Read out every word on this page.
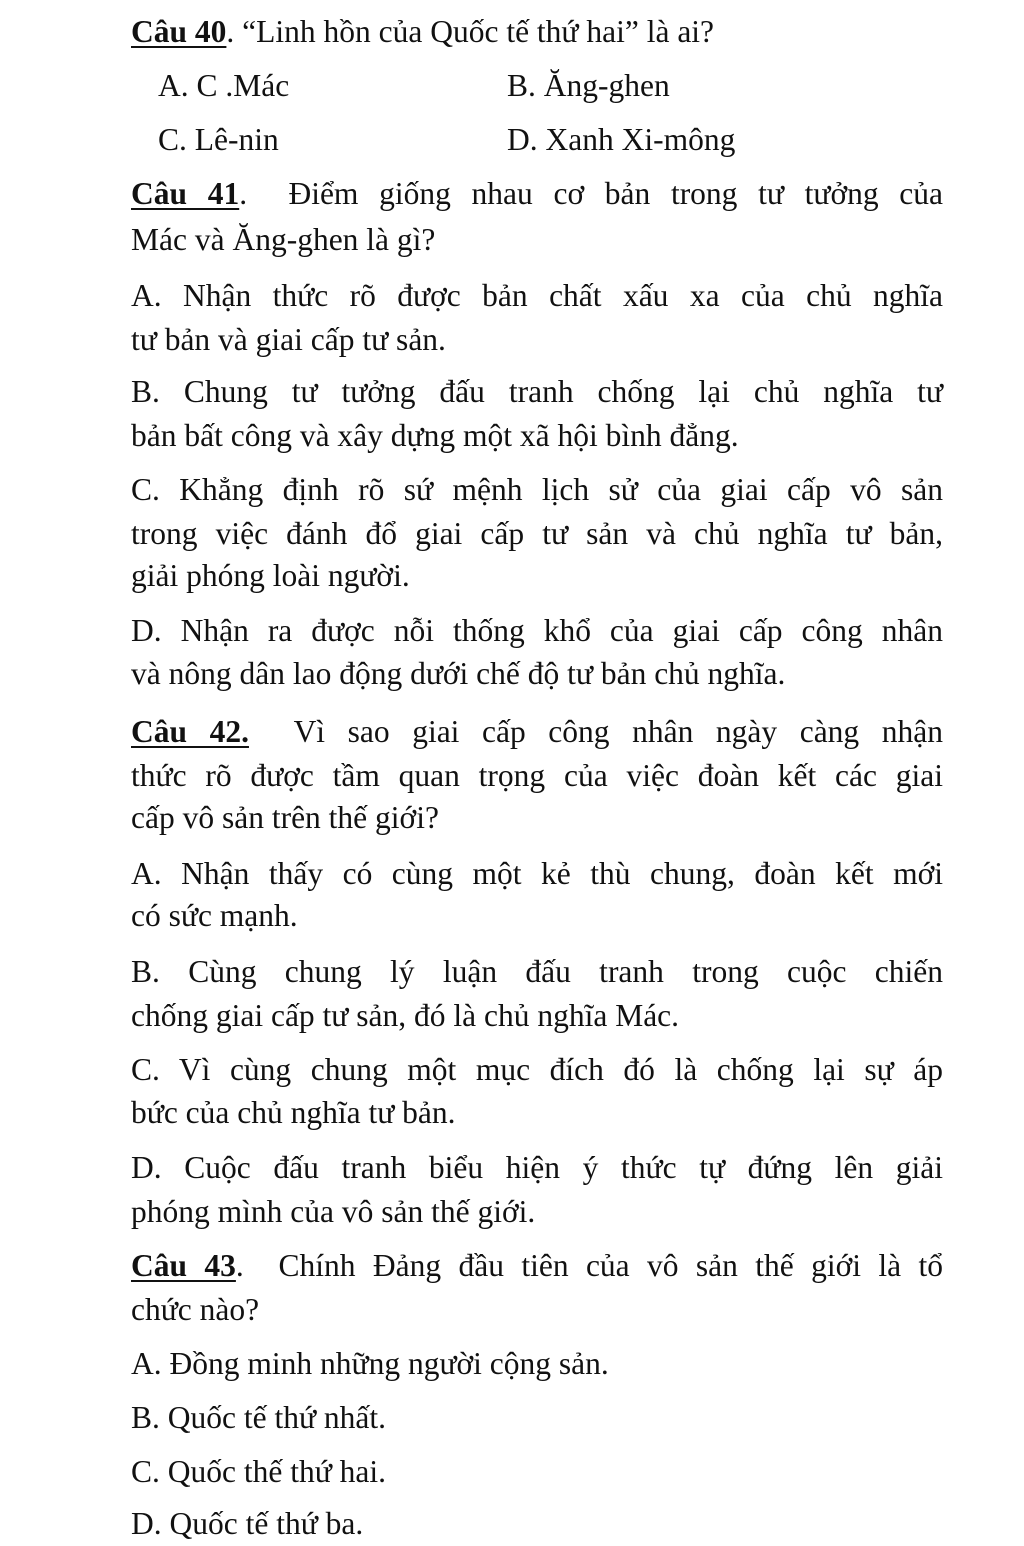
Câu 40. “Linh hồn của Quốc tế thứ hai” là ai?
A. C .Mác	B. Ăng-ghen
C. Lê-nin	D. Xanh Xi-mông
Câu 41.  Điểm giống nhau cơ bản trong tư tưởng của
Mác và Ăng-ghen là gì?
A. Nhận thức rõ được bản chất xấu xa của chủ nghĩa
tư bản và giai cấp tư sản.
B. Chung tư tưởng đấu tranh chống lại chủ nghĩa tư
bản bất công và xây dựng một xã hội bình đẳng.
C. Khẳng định rõ sứ mệnh lịch sử của giai cấp vô sản
trong việc đánh đổ giai cấp tư sản và chủ nghĩa tư bản,
giải phóng loài người.
D. Nhận ra được nỗi thống khổ của giai cấp công nhân
và nông dân lao động dưới chế độ tư bản chủ nghĩa.
Câu 42. Vì sao giai cấp công nhân ngày càng nhận
thức rõ được tầm quan trọng của việc đoàn kết các giai
cấp vô sản trên thế giới?
A. Nhận thấy có cùng một kẻ thù chung, đoàn kết mới
có sức mạnh.
B. Cùng chung lý luận đấu tranh trong cuộc chiến
chống giai cấp tư sản, đó là chủ nghĩa Mác.
C. Vì cùng chung một mục đích đó là chống lại sự áp
bức của chủ nghĩa tư bản.
D. Cuộc đấu tranh biểu hiện ý thức tự đứng lên giải
phóng mình của vô sản thế giới.
Câu 43.  Chính Đảng đầu tiên của vô sản thế giới là tổ
chức nào?
A. Đồng minh những người cộng sản.
B. Quốc tế thứ nhất.
C. Quốc thế thứ hai.
D. Quốc tế thứ ba.
